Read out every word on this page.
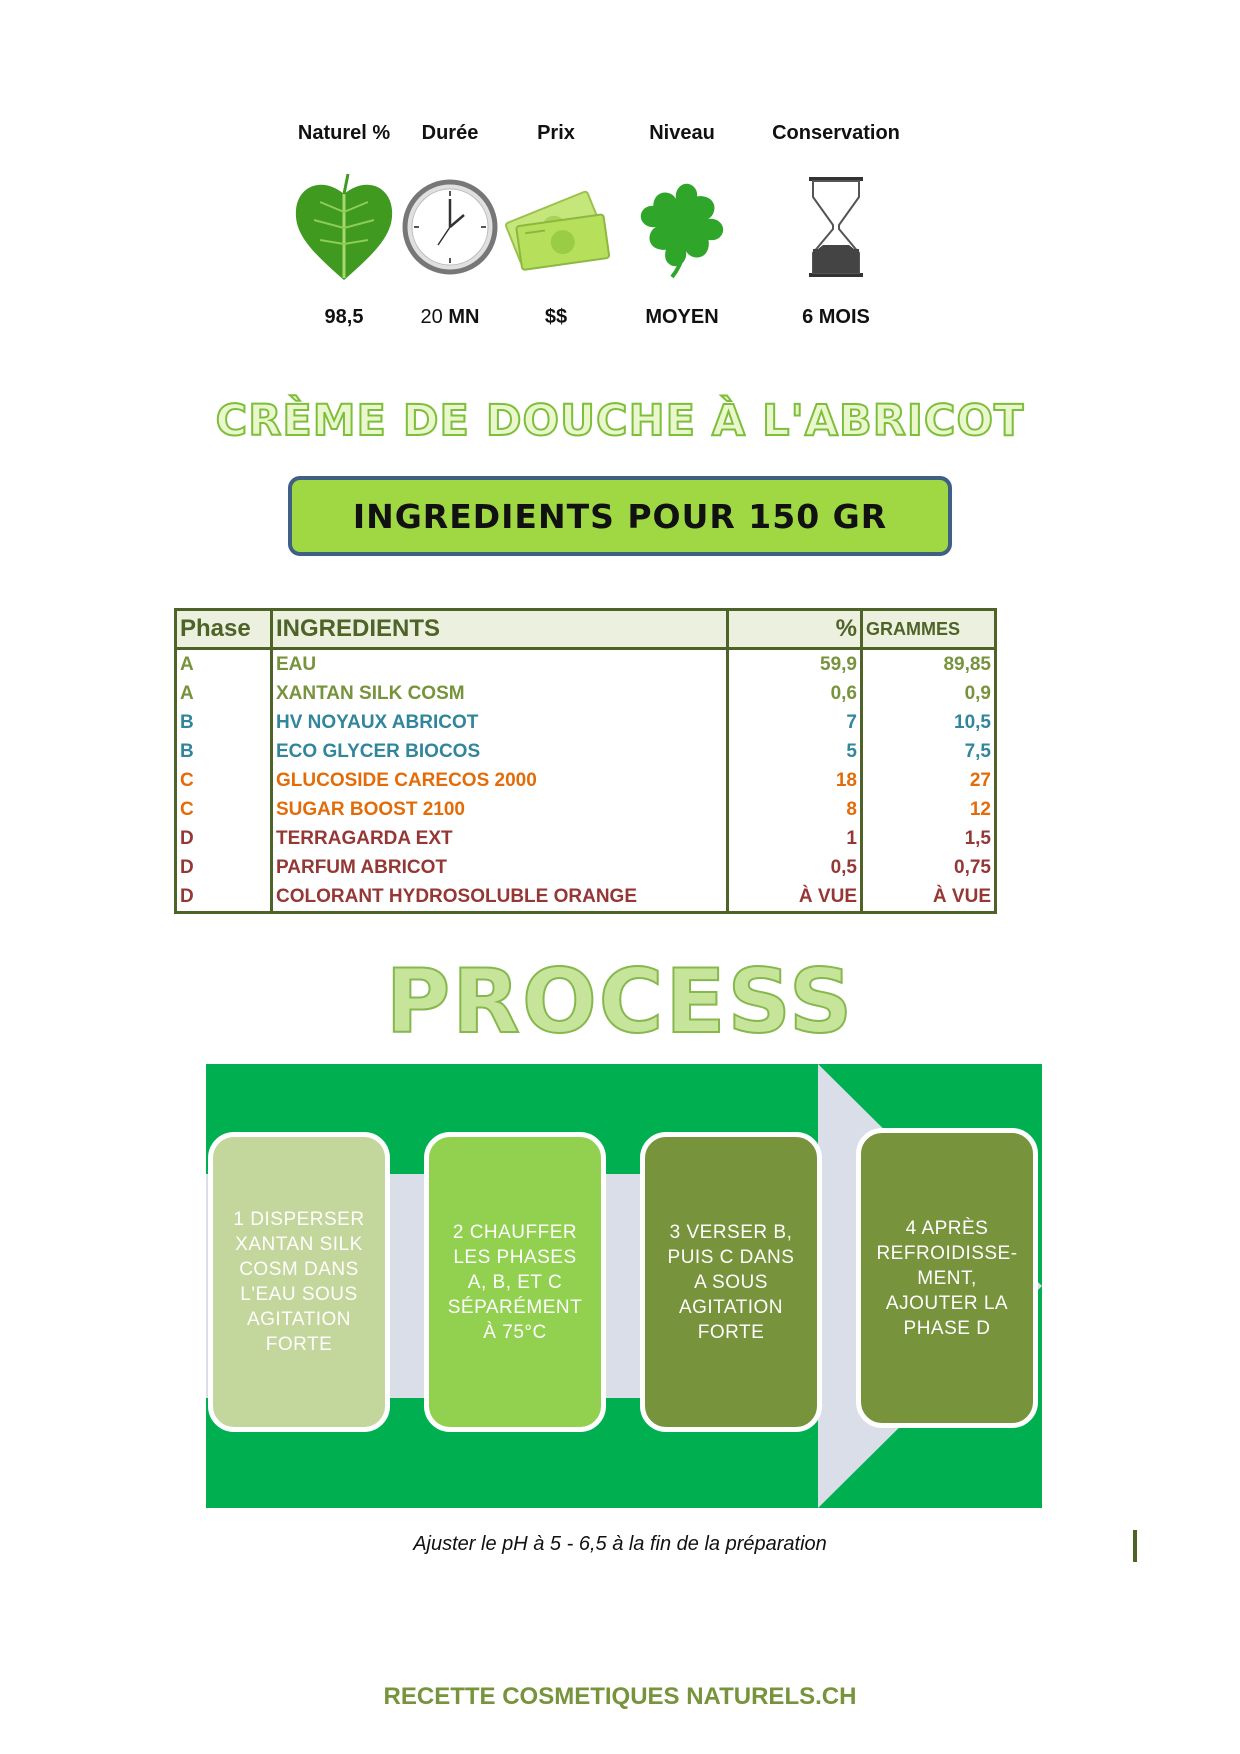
Naturel %
98,5
Durée
20 MN
Prix
$$
Niveau
MOYEN
Conservation
6 MOIS
CRÈME DE DOUCHE À L'ABRICOT
INGREDIENTS POUR 150 GR
Phase	INGREDIENTS	%	GRAMMES
A	EAU	59,9	89,85
A	XANTAN SILK COSM	0,6	0,9
B	HV NOYAUX ABRICOT	7	10,5
B	ECO GLYCER BIOCOS	5	7,5
C	GLUCOSIDE CARECOS 2000	18	27
C	SUGAR BOOST 2100	8	12
D	TERRAGARDA EXT	1	1,5
D	PARFUM ABRICOT	0,5	0,75
D	COLORANT HYDROSOLUBLE ORANGE	À VUE	À VUE
PROCESS
1 DISPERSER XANTAN SILK COSM DANS L'EAU SOUS AGITATION FORTE
2 CHAUFFER LES PHASES A, B, ET C SÉPARÉMENT À 75°C
3 VERSER B, PUIS C DANS A SOUS AGITATION FORTE
4 APRÈS REFROIDISSE-MENT, AJOUTER LA PHASE D
Ajuster le pH à 5 - 6,5 à la fin de la préparation
RECETTE COSMETIQUES NATURELS.CH
